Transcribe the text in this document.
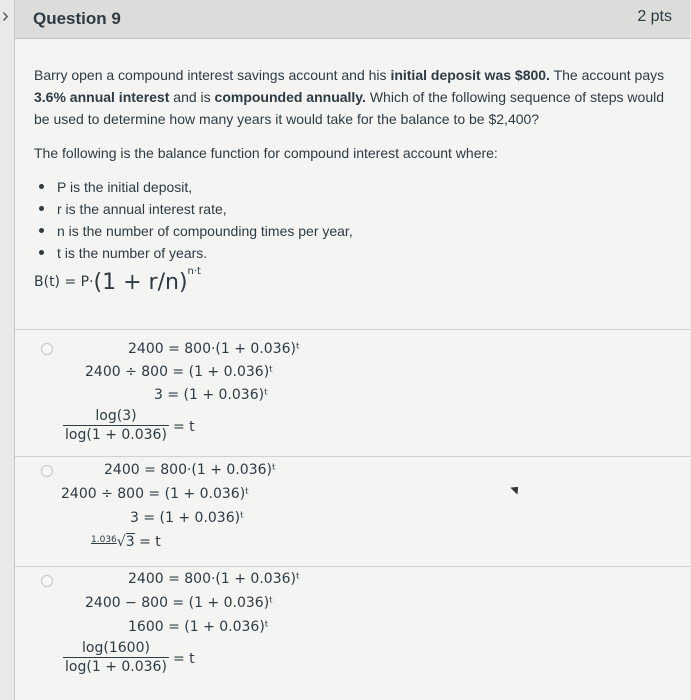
› Question 9	2 pts
Barry open a compound interest savings account and his initial deposit was $800. The account pays 3.6% annual interest and is compounded annually. Which of the following sequence of steps would be used to determine how many years it would take for the balance to be $2,400?
The following is the balance function for compound interest account where:
P is the initial deposit,
r is the annual interest rate,
n is the number of compounding times per year,
t is the number of years.
$B(t) = P\cdot(1 + r/n)^{n\cdot t}$
2400 = 800·(1 + 0.036)ᵗ
2400 ÷ 800 = (1 + 0.036)ᵗ
3 = (1 + 0.036)ᵗ
log(3)
log(1 + 0.036) = t
2400 = 800·(1 + 0.036)ᵗ
2400 ÷ 800 = (1 + 0.036)ᵗ
3 = (1 + 0.036)ᵗ
$^{1.036}$√3 = t
2400 = 800·(1 + 0.036)ᵗ
2400 − 800 = (1 + 0.036)ᵗ
1600 = (1 + 0.036)ᵗ
log(1600)
log(1 + 0.036) = t
